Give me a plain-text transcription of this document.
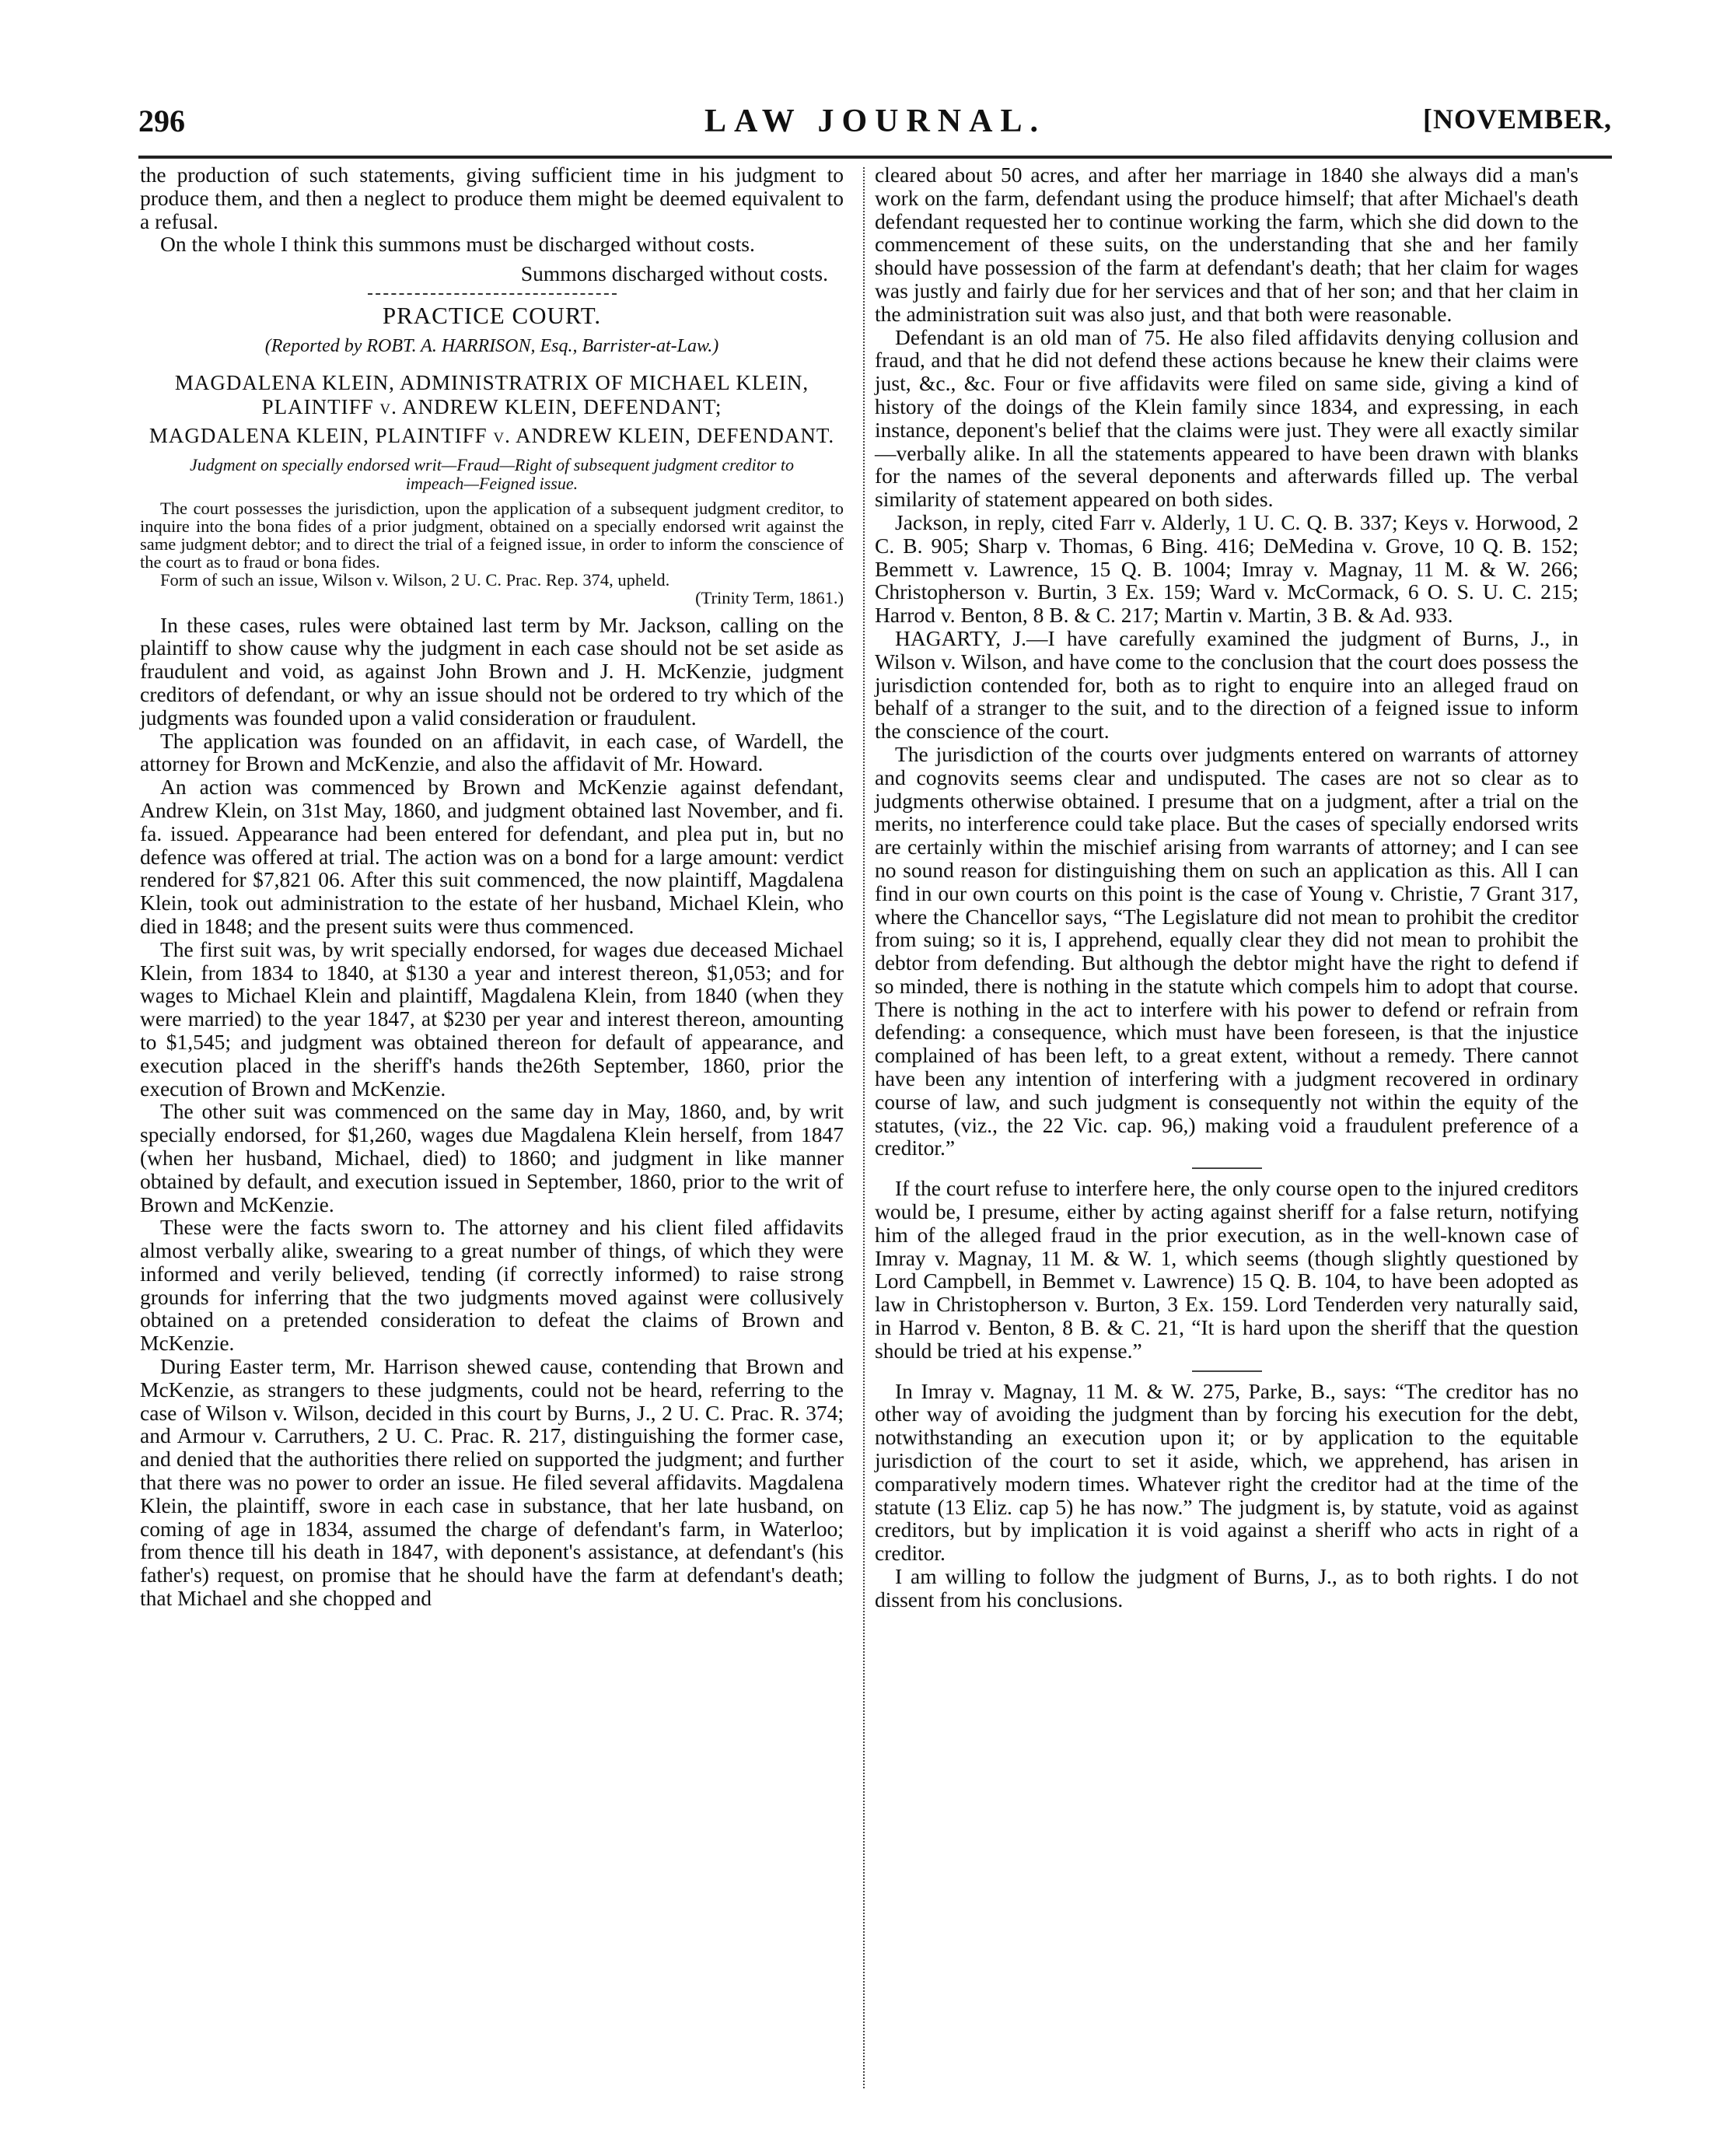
296	LAW JOURNAL.	[NOVEMBER,

the production of such statements, giving sufficient time in his judgment to produce them, and then a neglect to produce them might be deemed equivalent to a refusal.

On the whole I think this summons must be discharged without costs.

Summons discharged without costs.

PRACTICE COURT.
(Reported by ROBT. A. HARRISON, Esq., Barrister-at-Law.)
MAGDALENA KLEIN, ADMINISTRATRIX OF MICHAEL KLEIN, PLAINTIFF v. ANDREW KLEIN, DEFENDANT;
MAGDALENA KLEIN, PLAINTIFF v. ANDREW KLEIN, DEFENDANT.
Judgment on specially endorsed writ—Fraud—Right of subsequent judgment creditor to impeach—Feigned issue.

The court possesses the jurisdiction, upon the application of a subsequent judgment creditor, to inquire into the bona fides of a prior judgment, obtained on a specially endorsed writ against the same judgment debtor; and to direct the trial of a feigned issue, in order to inform the conscience of the court as to fraud or bona fides.

Form of such an issue, Wilson v. Wilson, 2 U. C. Prac. Rep. 374, upheld.

(Trinity Term, 1861.)

In these cases, rules were obtained last term by Mr. Jackson, calling on the plaintiff to show cause why the judgment in each case should not be set aside as fraudulent and void, as against John Brown and J. H. McKenzie, judgment creditors of defendant, or why an issue should not be ordered to try which of the judgments was founded upon a valid consideration or fraudulent.

The application was founded on an affidavit, in each case, of Wardell, the attorney for Brown and McKenzie, and also the affidavit of Mr. Howard.

An action was commenced by Brown and McKenzie against defendant, Andrew Klein, on 31st May, 1860, and judgment obtained last November, and fi. fa. issued. Appearance had been entered for defendant, and plea put in, but no defence was offered at trial. The action was on a bond for a large amount: verdict rendered for $7,821 06. After this suit commenced, the now plaintiff, Magdalena Klein, took out administration to the estate of her husband, Michael Klein, who died in 1848; and the present suits were thus commenced.

The first suit was, by writ specially endorsed, for wages due deceased Michael Klein, from 1834 to 1840, at $130 a year and interest thereon, $1,053; and for wages to Michael Klein and plaintiff, Magdalena Klein, from 1840 (when they were married) to the year 1847, at $230 per year and interest thereon, amounting to $1,545; and judgment was obtained thereon for default of appearance, and execution placed in the sheriff's hands the26th September, 1860, prior the execution of Brown and McKenzie.

The other suit was commenced on the same day in May, 1860, and, by writ specially endorsed, for $1,260, wages due Magdalena Klein herself, from 1847 (when her husband, Michael, died) to 1860; and judgment in like manner obtained by default, and execution issued in September, 1860, prior to the writ of Brown and McKenzie.

These were the facts sworn to. The attorney and his client filed affidavits almost verbally alike, swearing to a great number of things, of which they were informed and verily believed, tending (if correctly informed) to raise strong grounds for inferring that the two judgments moved against were collusively obtained on a pretended consideration to defeat the claims of Brown and McKenzie.

During Easter term, Mr. Harrison shewed cause, contending that Brown and McKenzie, as strangers to these judgments, could not be heard, referring to the case of Wilson v. Wilson, decided in this court by Burns, J., 2 U. C. Prac. R. 374; and Armour v. Carruthers, 2 U. C. Prac. R. 217, distinguishing the former case, and denied that the authorities there relied on supported the judgment; and further that there was no power to order an issue. He filed several affidavits. Magdalena Klein, the plaintiff, swore in each case in substance, that her late husband, on coming of age in 1834, assumed the charge of defendant's farm, in Waterloo; from thence till his death in 1847, with deponent's assistance, at defendant's (his father's) request, on promise that he should have the farm at defendant's death; that Michael and she chopped and

cleared about 50 acres, and after her marriage in 1840 she always did a man's work on the farm, defendant using the produce himself; that after Michael's death defendant requested her to continue working the farm, which she did down to the commencement of these suits, on the understanding that she and her family should have possession of the farm at defendant's death; that her claim for wages was justly and fairly due for her services and that of her son; and that her claim in the administration suit was also just, and that both were reasonable.

Defendant is an old man of 75. He also filed affidavits denying collusion and fraud, and that he did not defend these actions because he knew their claims were just, &c., &c. Four or five affidavits were filed on same side, giving a kind of history of the doings of the Klein family since 1834, and expressing, in each instance, deponent's belief that the claims were just. They were all exactly similar—verbally alike. In all the statements appeared to have been drawn with blanks for the names of the several deponents and afterwards filled up. The verbal similarity of statement appeared on both sides.

Jackson, in reply, cited Farr v. Alderly, 1 U. C. Q. B. 337; Keys v. Horwood, 2 C. B. 905; Sharp v. Thomas, 6 Bing. 416; DeMedina v. Grove, 10 Q. B. 152; Bemmett v. Lawrence, 15 Q. B. 1004; Imray v. Magnay, 11 M. & W. 266; Christopherson v. Burtin, 3 Ex. 159; Ward v. McCormack, 6 O. S. U. C. 215; Harrod v. Benton, 8 B. & C. 217; Martin v. Martin, 3 B. & Ad. 933.

HAGARTY, J.—I have carefully examined the judgment of Burns, J., in Wilson v. Wilson, and have come to the conclusion that the court does possess the jurisdiction contended for, both as to right to enquire into an alleged fraud on behalf of a stranger to the suit, and to the direction of a feigned issue to inform the conscience of the court.

The jurisdiction of the courts over judgments entered on warrants of attorney and cognovits seems clear and undisputed. The cases are not so clear as to judgments otherwise obtained. I presume that on a judgment, after a trial on the merits, no interference could take place. But the cases of specially endorsed writs are certainly within the mischief arising from warrants of attorney; and I can see no sound reason for distinguishing them on such an application as this. All I can find in our own courts on this point is the case of Young v. Christie, 7 Grant 317, where the Chancellor says, “The Legislature did not mean to prohibit the creditor from suing; so it is, I apprehend, equally clear they did not mean to prohibit the debtor from defending. But although the debtor might have the right to defend if so minded, there is nothing in the statute which compels him to adopt that course. There is nothing in the act to interfere with his power to defend or refrain from defending: a consequence, which must have been foreseen, is that the injustice complained of has been left, to a great extent, without a remedy. There cannot have been any intention of interfering with a judgment recovered in ordinary course of law, and such judgment is consequently not within the equity of the statutes, (viz., the 22 Vic. cap. 96,) making void a fraudulent preference of a creditor.”

If the court refuse to interfere here, the only course open to the injured creditors would be, I presume, either by acting against sheriff for a false return, notifying him of the alleged fraud in the prior execution, as in the well-known case of Imray v. Magnay, 11 M. & W. 1, which seems (though slightly questioned by Lord Campbell, in Bemmet v. Lawrence) 15 Q. B. 104, to have been adopted as law in Christopherson v. Burton, 3 Ex. 159. Lord Tenderden very naturally said, in Harrod v. Benton, 8 B. & C. 21, “It is hard upon the sheriff that the question should be tried at his expense.”

In Imray v. Magnay, 11 M. & W. 275, Parke, B., says: “The creditor has no other way of avoiding the judgment than by forcing his execution for the debt, notwithstanding an execution upon it; or by application to the equitable jurisdiction of the court to set it aside, which, we apprehend, has arisen in comparatively modern times. Whatever right the creditor had at the time of the statute (13 Eliz. cap 5) he has now.” The judgment is, by statute, void as against creditors, but by implication it is void against a sheriff who acts in right of a creditor.

I am willing to follow the judgment of Burns, J., as to both rights. I do not dissent from his conclusions.
